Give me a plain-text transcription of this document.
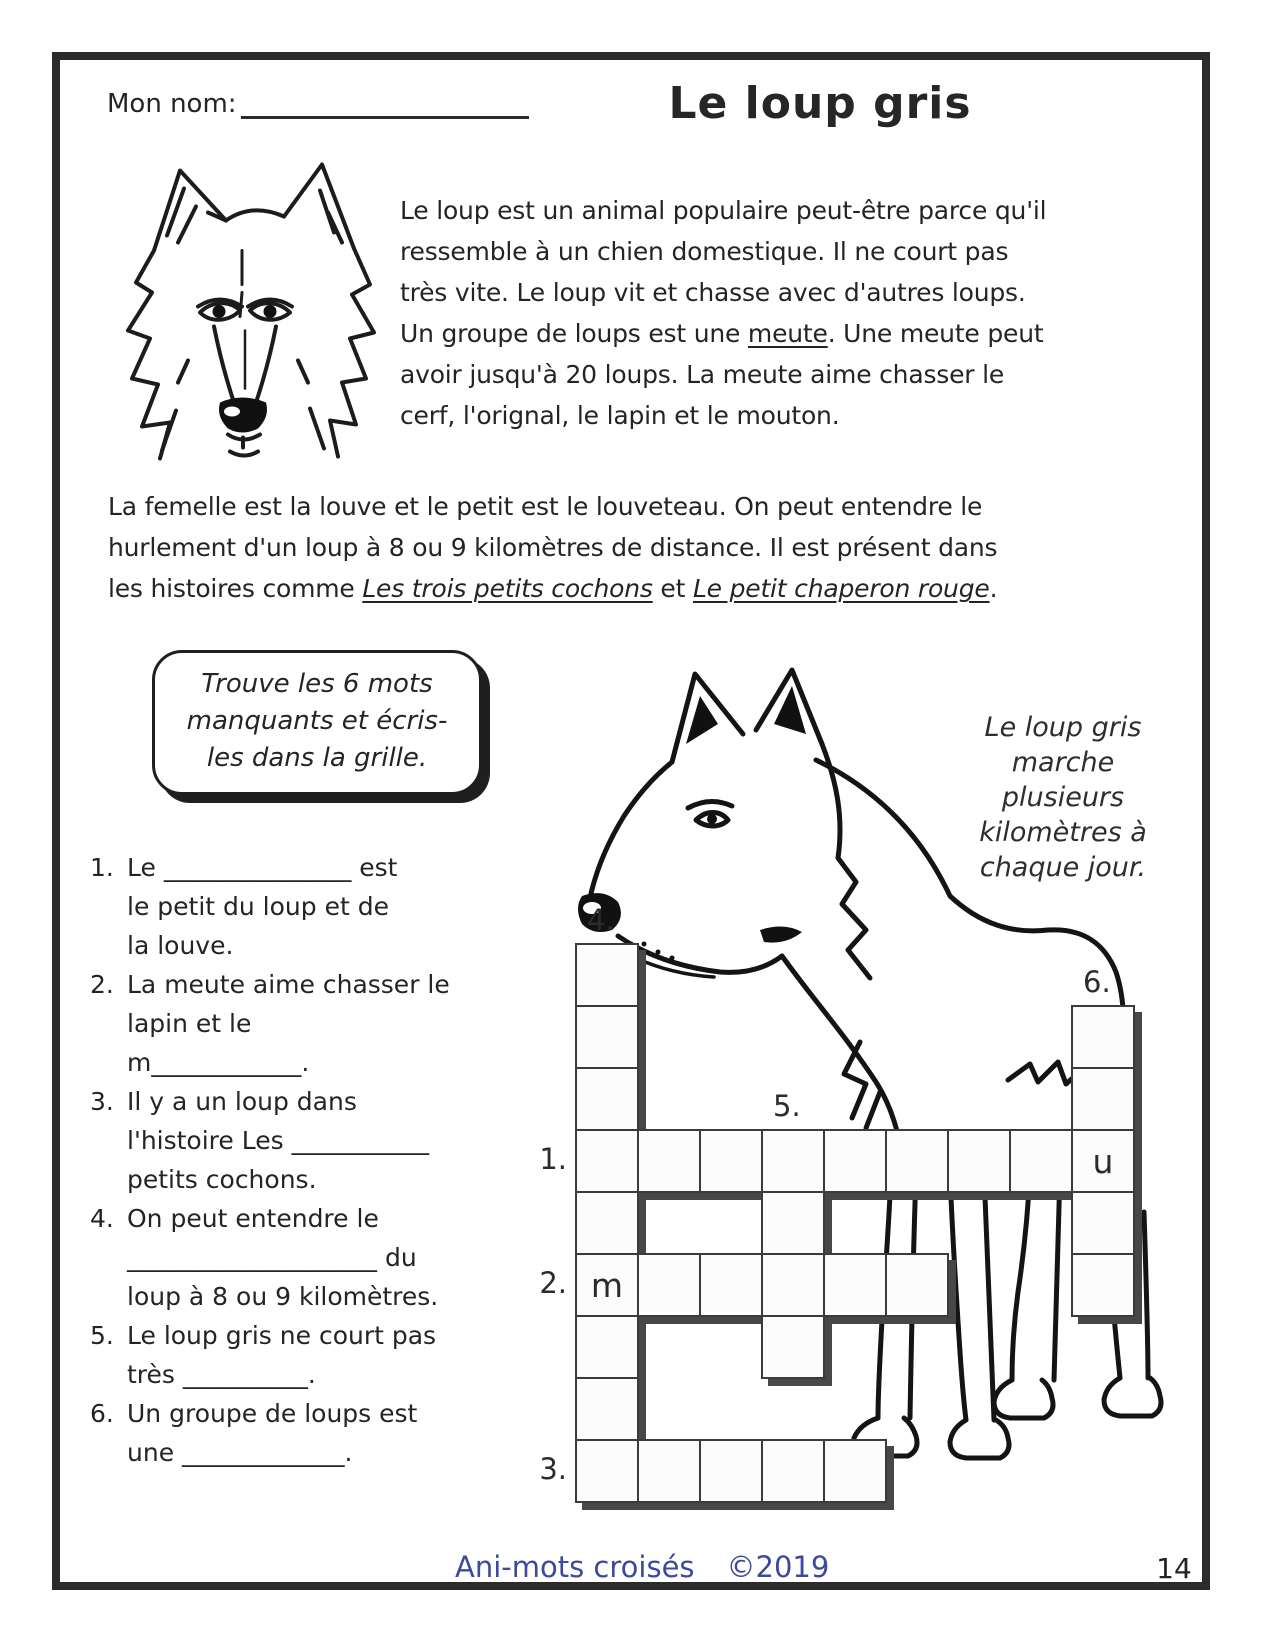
Mon nom:	Le loup gris
Le loup est un animal populaire peut-être parce qu'il
ressemble à un chien domestique. Il ne court pas
très vite. Le loup vit et chasse avec d'autres loups.
Un groupe de loups est une meute. Une meute peut
avoir jusqu'à 20 loups. La meute aime chasser le
cerf, l'orignal, le lapin et le mouton.
La femelle est la louve et le petit est le louveteau. On peut entendre le
hurlement d'un loup à 8 ou 9 kilomètres de distance. Il est présent dans
les histoires comme Les trois petits cochons et Le petit chaperon rouge.
Trouve les 6 mots
manquants et écris-
les dans la grille.
Le loup gris
marche
plusieurs
kilomètres à
chaque jour.
1. Le _______________ est
le petit du loup et de
la louve.
2. La meute aime chasser le
lapin et le
m____________.
3. Il y a un loup dans
l'histoire Les ___________
petits cochons.
4. On peut entendre le
____________________ du
loup à 8 ou 9 kilomètres.
5. Le loup gris ne court pas
très __________.
6. Un groupe de loups est
une _____________.
m
u
4.
6.
1.
5.
2.
3.
Ani-mots croisés ©2019	14
